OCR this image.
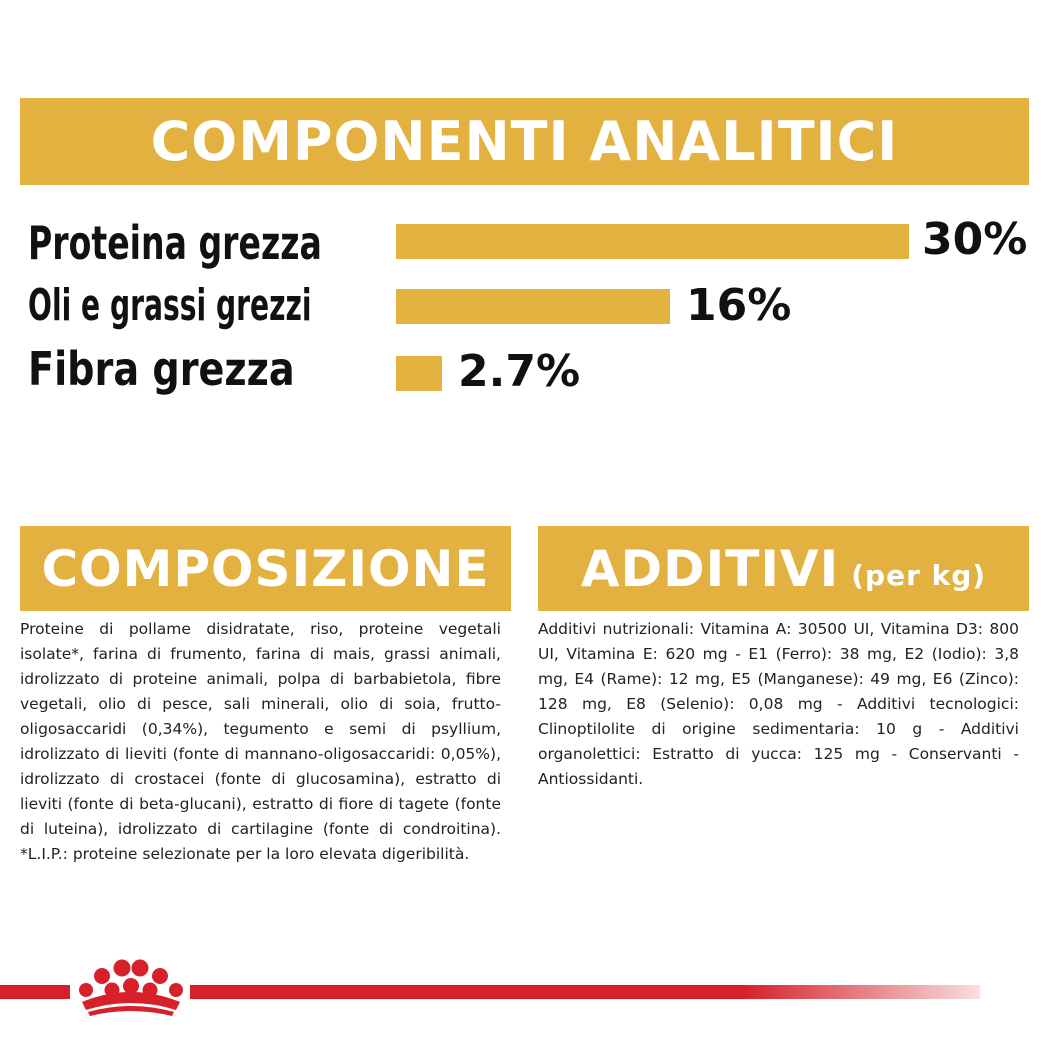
COMPONENTI ANALITICI
Proteina grezza	30%
Oli e grassi grezzi	16%
Fibra grezza	2.7%
COMPOSIZIONE

Proteine di pollame disidratate, riso, proteine vegetali isolate*, farina di frumento, farina di mais, grassi animali, idrolizzato di proteine animali, polpa di barbabietola, fibre vegetali, olio di pesce, sali minerali, olio di soia, frutto-oligosaccaridi (0,34%), tegumento e semi di psyllium, idrolizzato di lieviti (fonte di mannano-oligosaccaridi: 0,05%), idrolizzato di crostacei (fonte di glucosamina), estratto di lieviti (fonte di beta-glucani), estratto di fiore di tagete (fonte di luteina), idrolizzato di cartilagine (fonte di condroitina). *L.I.P.: proteine selezionate per la loro elevata digeribilità.

ADDITIVI (per kg)

Additivi nutrizionali: Vitamina A: 30500 UI, Vitamina D3: 800 UI, Vitamina E: 620 mg - E1 (Ferro): 38 mg, E2 (Iodio): 3,8 mg, E4 (Rame): 12 mg, E5 (Manganese): 49 mg, E6 (Zinco): 128 mg, E8 (Selenio): 0,08 mg - Additivi tecnologici: Clinoptilolite di origine sedimentaria: 10 g - Additivi organolettici: Estratto di yucca: 125 mg - Conservanti - Antiossidanti.
